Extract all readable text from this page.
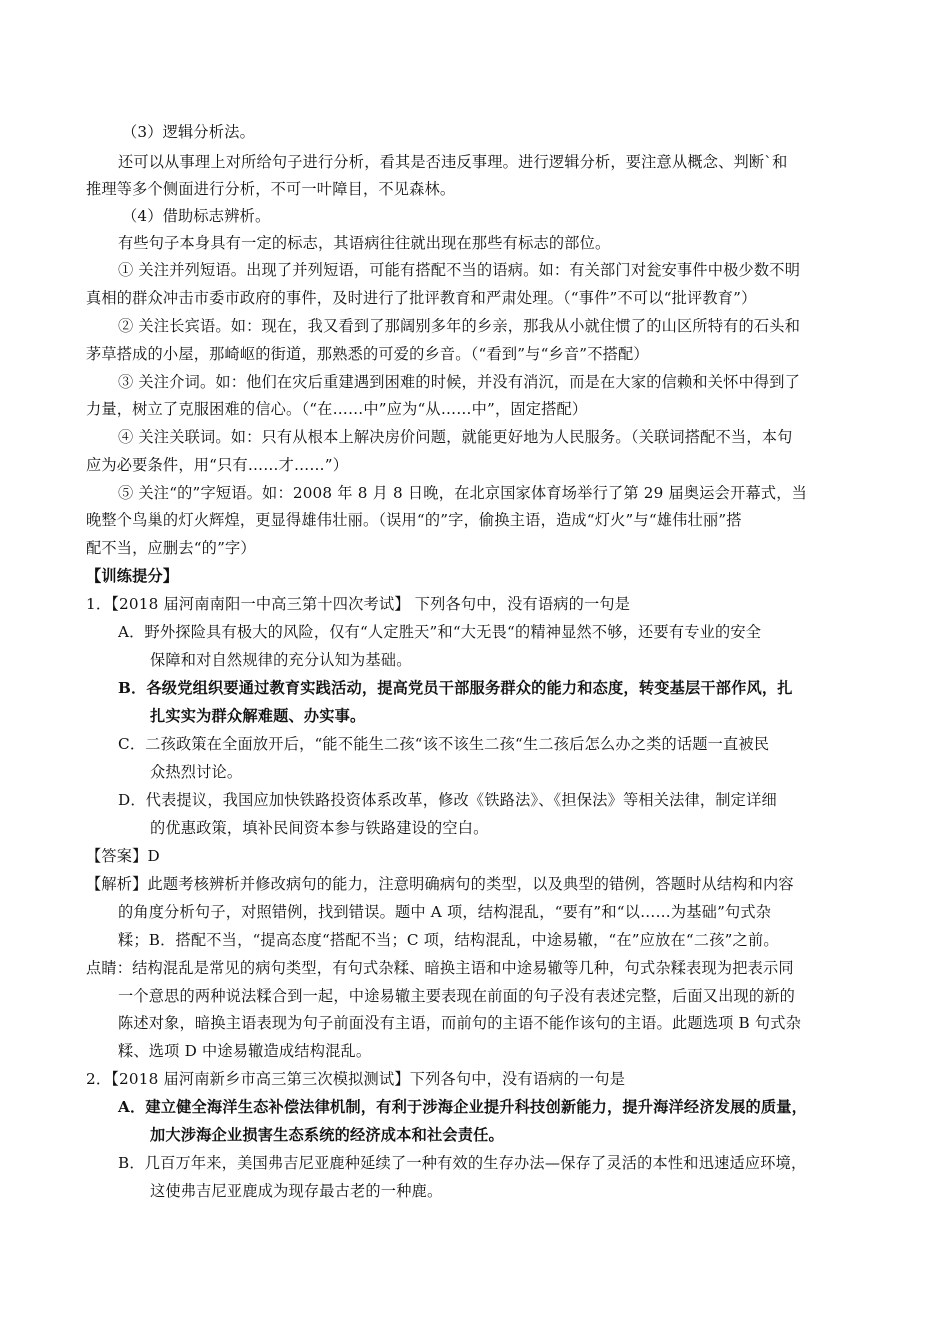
（3）逻辑分析法。
还可以从事理上对所给句子进行分析，看其是否违反事理。进行逻辑分析，要注意从概念、判断`和
推理等多个侧面进行分析，不可一叶障目，不见森林。
（4）借助标志辨析。
有些句子本身具有一定的标志，其语病往往就出现在那些有标志的部位。
① 关注并列短语。出现了并列短语，可能有搭配不当的语病。如：有关部门对瓮安事件中极少数不明
真相的群众冲击市委市政府的事件，及时进行了批评教育和严肃处理。（“事件”不可以“批评教育”）
② 关注长宾语。如：现在，我又看到了那阔别多年的乡亲，那我从小就住惯了的山区所特有的石头和
茅草搭成的小屋，那崎岖的街道，那熟悉的可爱的乡音。（“看到”与“乡音”不搭配）
③ 关注介词。如：他们在灾后重建遇到困难的时候，并没有消沉，而是在大家的信赖和关怀中得到了
力量，树立了克服困难的信心。（“在……中”应为“从……中”，固定搭配）
④ 关注关联词。如：只有从根本上解决房价问题，就能更好地为人民服务。（关联词搭配不当，本句
应为必要条件，用“只有……才……”）
⑤ 关注“的”字短语。如：2008 年 8 月 8 日晚，在北京国家体育场举行了第 29 届奥运会开幕式，当
晚整个鸟巢的灯火辉煌，更显得雄伟壮丽。（误用“的”字，偷换主语，造成“灯火”与“雄伟壮丽”搭
配不当，应删去“的”字）
【训练提分】
1．【2018 届河南南阳一中高三第十四次考试】 下列各句中，没有语病的一句是
A．野外探险具有极大的风险，仅有“人定胜天”和“大无畏“的精神显然不够，还要有专业的安全
保障和对自然规律的充分认知为基础。
B．各级党组织要通过教育实践活动，提高党员干部服务群众的能力和态度，转变基层干部作风，扎
扎实实为群众解难题、办实事。
C．二孩政策在全面放开后，“能不能生二孩“该不该生二孩“生二孩后怎么办之类的话题一直被民
众热烈讨论。
D．代表提议，我国应加快铁路投资体系改革，修改《铁路法》、《担保法》等相关法律，制定详细
的优惠政策，填补民间资本参与铁路建设的空白。
【答案】D
【解析】此题考核辨析并修改病句的能力，注意明确病句的类型，以及典型的错例，答题时从结构和内容
的角度分析句子，对照错例，找到错误。题中 A 项，结构混乱，“要有”和“以……为基础”句式杂
糅；B．搭配不当，“提高态度“搭配不当；C 项，结构混乱，中途易辙，“在”应放在“二孩”之前。
点睛：结构混乱是常见的病句类型，有句式杂糅、暗换主语和中途易辙等几种，句式杂糅表现为把表示同
一个意思的两种说法糅合到一起，中途易辙主要表现在前面的句子没有表述完整，后面又出现的新的
陈述对象，暗换主语表现为句子前面没有主语，而前句的主语不能作该句的主语。此题选项 B 句式杂
糅、选项 D 中途易辙造成结构混乱。
2．【2018 届河南新乡市高三第三次模拟测试】下列各句中，没有语病的一句是
A．建立健全海洋生态补偿法律机制，有利于涉海企业提升科技创新能力，提升海洋经济发展的质量，
加大涉海企业损害生态系统的经济成本和社会责任。
B．几百万年来，美国弗吉尼亚鹿种延续了一种有效的生存办法—保存了灵活的本性和迅速适应环境，
这使弗吉尼亚鹿成为现存最古老的一种鹿。
